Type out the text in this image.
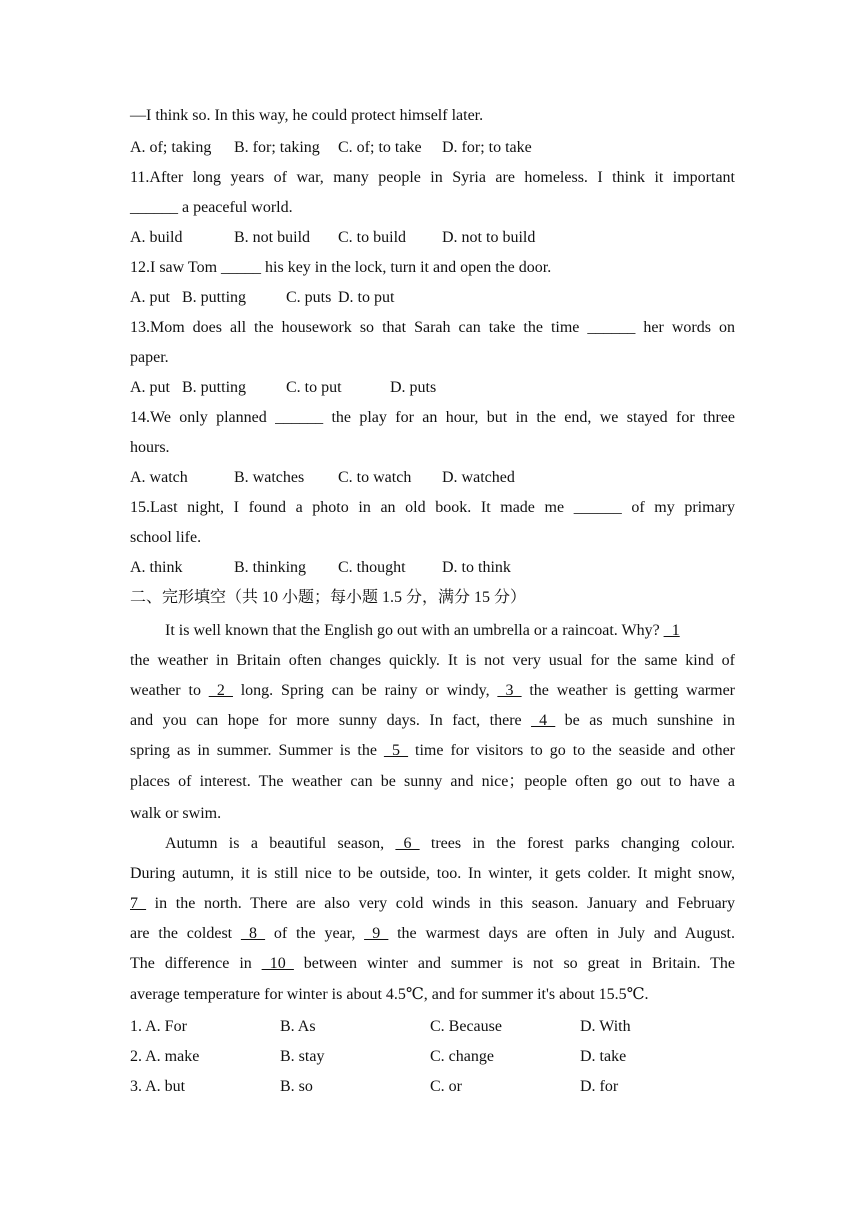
—I think so. In this way, he could protect himself later.
A. of; taking B. for; taking C. of; to take D. for; to take
11.After long years of war, many people in Syria are homeless. I think it important
______ a peaceful world.
A. build	B. not build C. to build D. not to build
12.I saw Tom _____ his key in the lock, turn it and open the door.
A. put B. putting C. puts D. to put
13.Mom does all the housework so that Sarah can take the time ______ her words on
paper.
A. put B. putting C. to put	D. puts
14.We only planned ______ the play for an hour, but in the end, we stayed for three
hours.
A. watch	B. watches C. to watch D. watched
15.Last night, I found a photo in an old book. It made me ______ of my primary
school life.
A. think	B. thinking C. thought D. to think
二、完形填空（共 10 小题；每小题 1.5 分，满分 15 分）
It is well known that the English go out with an umbrella or a raincoat. Why? _1
the weather in Britain often changes quickly. It is not very usual for the same kind of
weather to _2_ long. Spring can be rainy or windy, _3_ the weather is getting warmer
and you can hope for more sunny days. In fact, there _4_ be as much sunshine in
spring as in summer. Summer is the _5_ time for visitors to go to the seaside and other
places of interest. The weather can be sunny and nice；people often go out to have a
walk or swim.
Autumn is a beautiful season, _6_ trees in the forest parks changing colour.
During autumn, it is still nice to be outside, too. In winter, it gets colder. It might snow,
7_ in the north. There are also very cold winds in this season. January and February
are the coldest _8_ of the year, _9_ the warmest days are often in July and August.
The difference in _10_ between winter and summer is not so great in Britain. The
average temperature for winter is about 4.5℃, and for summer it's about 15.5℃.
1. A. For	B. As	C. Because	D. With
2. A. make	B. stay	C. change	D. take
3. A. but	B. so	C. or	D. for
